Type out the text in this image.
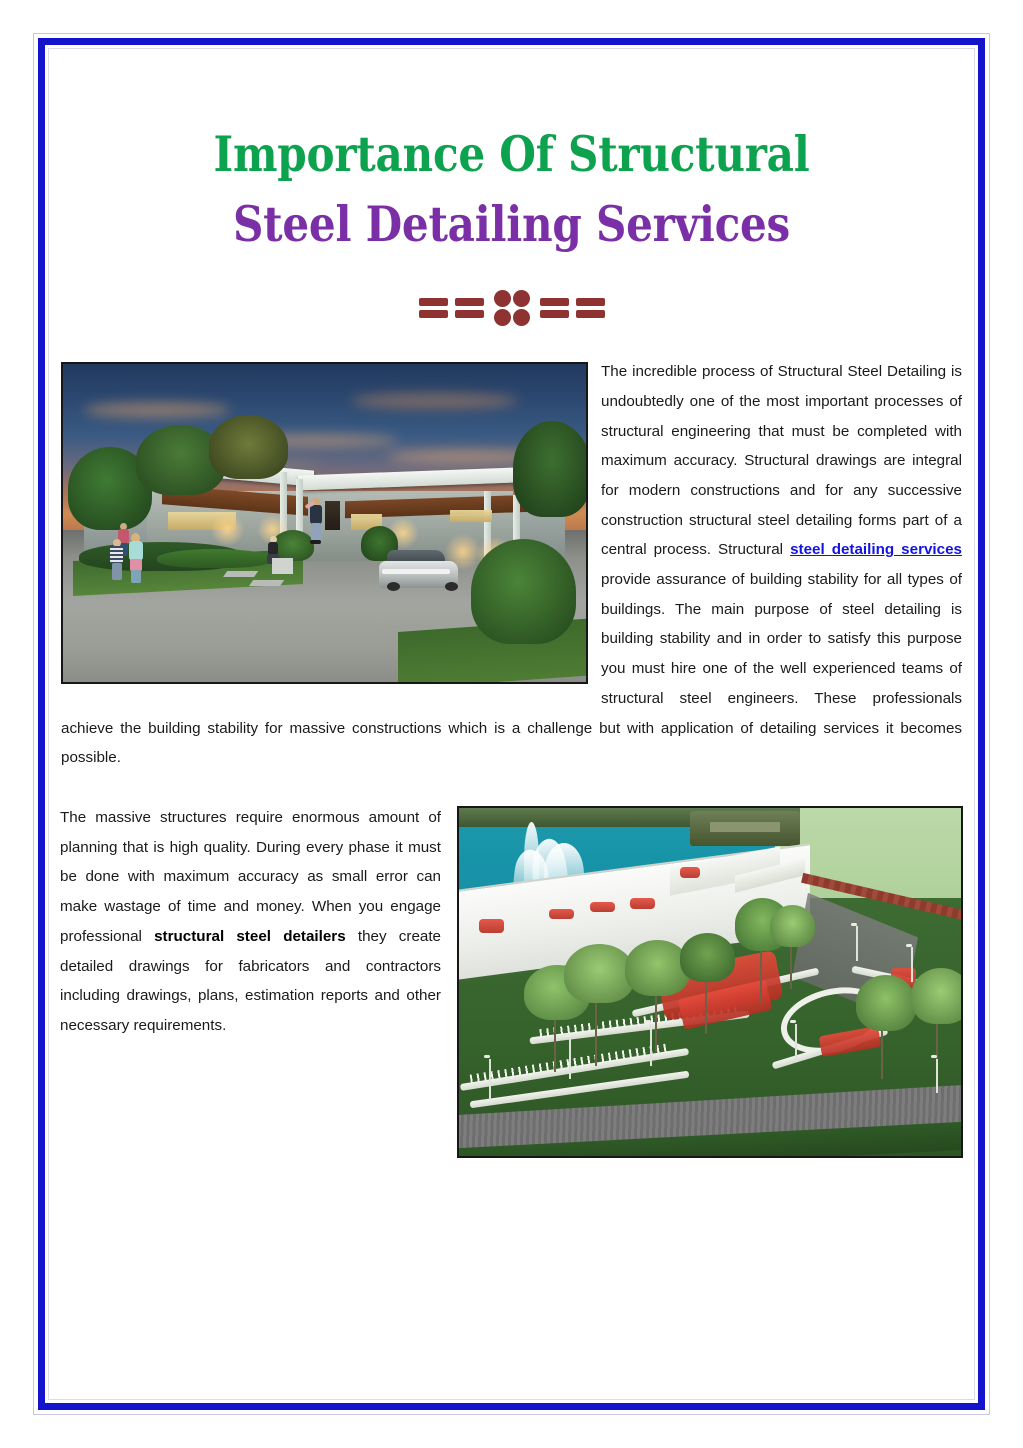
Importance Of Structural
Steel Detailing Services
The incredible process of Structural Steel Detailing is undoubtedly one of the most important processes of structural engineering that must be completed with maximum accuracy. Structural drawings are integral for modern constructions and for any successive construction structural steel detailing forms part of a central process. Structural steel detailing services provide assurance of building stability for all types of buildings. The main purpose of steel detailing is building stability and in order to satisfy this purpose you must hire one of the well experienced teams of structural steel engineers. These professionals achieve the building stability for massive constructions which is a challenge but with application of detailing services it becomes possible.
The massive structures require enormous amount of planning that is high quality. During every phase it must be done with maximum accuracy as small error can make wastage of time and money. When you engage professional structural steel detailers they create detailed drawings for fabricators and contractors including drawings, plans, estimation reports and other necessary requirements.
